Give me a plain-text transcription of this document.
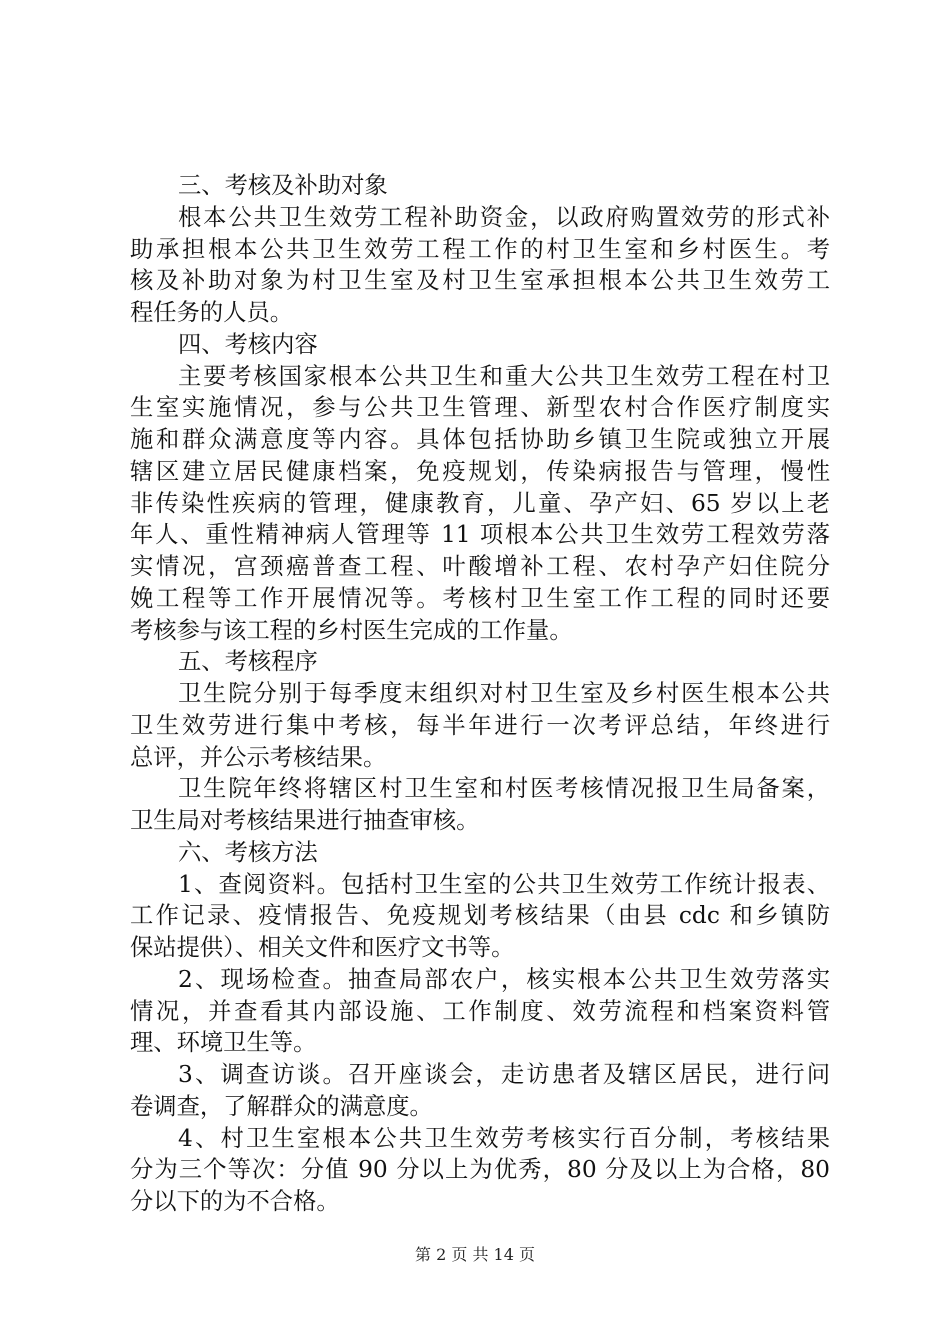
三、考核及补助对象
根本公共卫生效劳工程补助资金，以政府购置效劳的形式补
助承担根本公共卫生效劳工程工作的村卫生室和乡村医生。考
核及补助对象为村卫生室及村卫生室承担根本公共卫生效劳工
程任务的人员。
四、考核内容
主要考核国家根本公共卫生和重大公共卫生效劳工程在村卫
生室实施情况，参与公共卫生管理、新型农村合作医疗制度实
施和群众满意度等内容。具体包括协助乡镇卫生院或独立开展
辖区建立居民健康档案，免疫规划，传染病报告与管理，慢性
非传染性疾病的管理，健康教育，儿童、孕产妇、65 岁以上老
年人、重性精神病人管理等 11 项根本公共卫生效劳工程效劳落
实情况，宫颈癌普查工程、叶酸增补工程、农村孕产妇住院分
娩工程等工作开展情况等。考核村卫生室工作工程的同时还要
考核参与该工程的乡村医生完成的工作量。
五、考核程序
卫生院分别于每季度末组织对村卫生室及乡村医生根本公共
卫生效劳进行集中考核，每半年进行一次考评总结，年终进行
总评，并公示考核结果。
卫生院年终将辖区村卫生室和村医考核情况报卫生局备案，
卫生局对考核结果进行抽查审核。
六、考核方法
1、查阅资料。包括村卫生室的公共卫生效劳工作统计报表、
工作记录、疫情报告、免疫规划考核结果（由县 cdc 和乡镇防
保站提供）、相关文件和医疗文书等。
2、现场检查。抽查局部农户，核实根本公共卫生效劳落实
情况，并查看其内部设施、工作制度、效劳流程和档案资料管
理、环境卫生等。
3、调查访谈。召开座谈会，走访患者及辖区居民，进行问
卷调查，了解群众的满意度。
4、村卫生室根本公共卫生效劳考核实行百分制，考核结果
分为三个等次：分值 90 分以上为优秀，80 分及以上为合格，80
分以下的为不合格。
第 2 页 共 14 页
